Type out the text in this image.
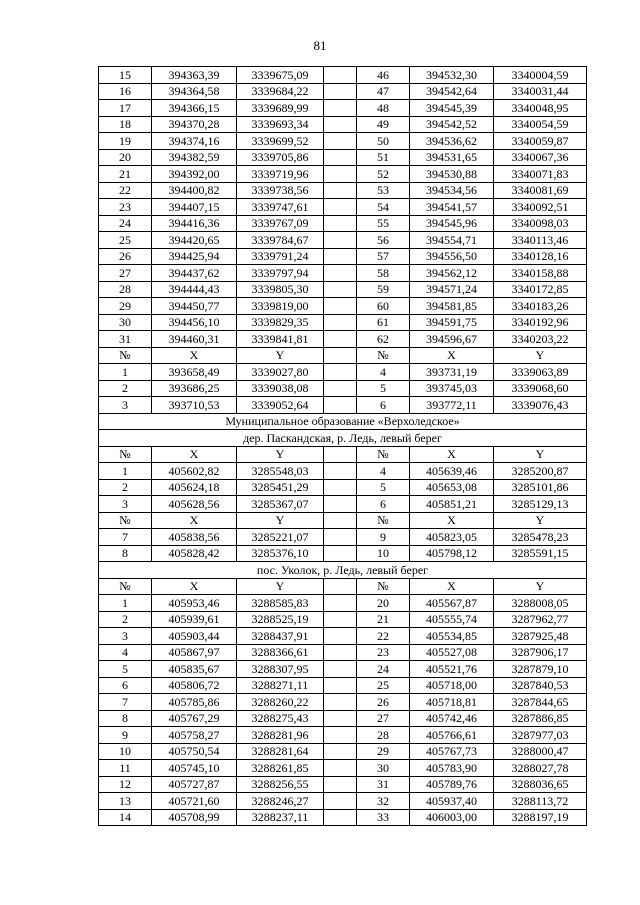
81
15	394363,39	3339675,09		46	394532,30	3340004,59
16	394364,58	3339684,22		47	394542,64	3340031,44
17	394366,15	3339689,99		48	394545,39	3340048,95
18	394370,28	3339693,34		49	394542,52	3340054,59
19	394374,16	3339699,52		50	394536,62	3340059,87
20	394382,59	3339705,86		51	394531,65	3340067,36
21	394392,00	3339719,96		52	394530,88	3340071,83
22	394400,82	3339738,56		53	394534,56	3340081,69
23	394407,15	3339747,61		54	394541,57	3340092,51
24	394416,36	3339767,09		55	394545,96	3340098,03
25	394420,65	3339784,67		56	394554,71	3340113,46
26	394425,94	3339791,24		57	394556,50	3340128,16
27	394437,62	3339797,94		58	394562,12	3340158,88
28	394444,43	3339805,30		59	394571,24	3340172,85
29	394450,77	3339819,00		60	394581,85	3340183,26
30	394456,10	3339829,35		61	394591,75	3340192,96
31	394460,31	3339841,81		62	394596,67	3340203,22
№	X	Y		№	X	Y
1	393658,49	3339027,80		4	393731,19	3339063,89
2	393686,25	3339038,08		5	393745,03	3339068,60
3	393710,53	3339052,64		6	393772,11	3339076,43
Муниципальное образование «Верхоледское»						
дер. Паскандская, р. Ледь, левый берег						
№	X	Y		№	X	Y
1	405602,82	3285548,03		4	405639,46	3285200,87
2	405624,18	3285451,29		5	405653,08	3285101,86
3	405628,56	3285367,07		6	405851,21	3285129,13
№	X	Y		№	X	Y
7	405838,56	3285221,07		9	405823,05	3285478,23
8	405828,42	3285376,10		10	405798,12	3285591,15
пос. Уколок, р. Ледь, левый берег						
№	X	Y		№	X	Y
1	405953,46	3288585,83		20	405567,87	3288008,05
2	405939,61	3288525,19		21	405555,74	3287962,77
3	405903,44	3288437,91		22	405534,85	3287925,48
4	405867,97	3288366,61		23	405527,08	3287906,17
5	405835,67	3288307,95		24	405521,76	3287879,10
6	405806,72	3288271,11		25	405718,00	3287840,53
7	405785,86	3288260,22		26	405718,81	3287844,65
8	405767,29	3288275,43		27	405742,46	3287886,85
9	405758,27	3288281,96		28	405766,61	3287977,03
10	405750,54	3288281,64		29	405767,73	3288000,47
11	405745,10	3288261,85		30	405783,90	3288027,78
12	405727,87	3288256,55		31	405789,76	3288036,65
13	405721,60	3288246,27		32	405937,40	3288113,72
14	405708,99	3288237,11		33	406003,00	3288197,19
